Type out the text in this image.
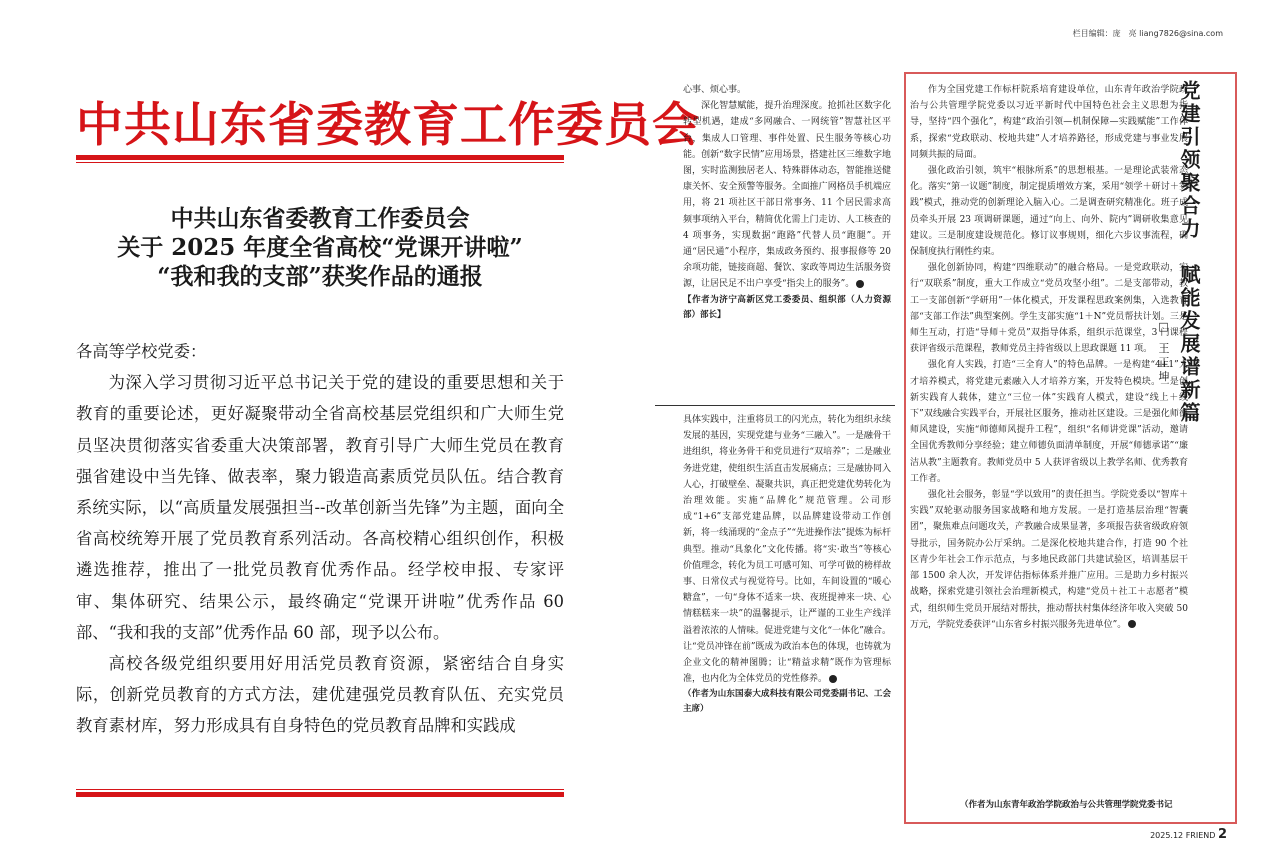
中共山东省委教育工作委员会
中共山东省委教育工作委员会
关于 2025 年度全省高校“党课开讲啦”
“我和我的支部”获奖作品的通报

各高等学校党委：

为深入学习贯彻习近平总书记关于党的建设的重要思想和关于教育的重要论述，更好凝聚带动全省高校基层党组织和广大师生党员坚决贯彻落实省委重大决策部署，教育引导广大师生党员在教育强省建设中当先锋、做表率，聚力锻造高素质党员队伍。结合教育系统实际，以“高质量发展强担当--改革创新当先锋”为主题，面向全省高校统筹开展了党员教育系列活动。各高校精心组织创作，积极遴选推荐，推出了一批党员教育优秀作品。经学校申报、专家评审、集体研究、结果公示，最终确定“党课开讲啦”优秀作品 60 部、“我和我的支部”优秀作品 60 部，现予以公布。

高校各级党组织要用好用活党员教育资源，紧密结合自身实际，创新党员教育的方式方法，建优建强党员教育队伍、充实党员教育素材库，努力形成具有自身特色的党员教育品牌和实践成

栏目编辑：庞　亮 liang7826@sina.com

心事、烦心事。

深化智慧赋能，提升治理深度。抢抓社区数字化转型机遇，建成“多网融合、一网统管”智慧社区平台，集成人口管理、事件处置、民生服务等核心功能。创新“数字民情”应用场景，搭建社区三维数字地图，实时监测独居老人、特殊群体动态，智能推送健康关怀、安全预警等服务。全面推广网格员手机端应用，将 21 项社区干部日常事务、11 个居民需求高频事项纳入平台，精简优化需上门走访、人工核查的 4 项事务，实现数据“跑路”代替人员“跑腿”。开通“居民通”小程序，集成政务预约、报事报修等 20 余项功能，链接商超、餐饮、家政等周边生活服务资源，让居民足不出户享受“指尖上的服务”。

【作者为济宁高新区党工委委员、组织部（人力资源部）部长】

具体实践中，注重将员工的闪光点，转化为组织永续发展的基因，实现党建与业务“三融入”。一是融骨干进组织，将业务骨干和党员进行“双培养”；二是融业务进党建，使组织生活直击发展痛点；三是融协同入人心，打破壁垒、凝聚共识，真正把党建优势转化为治理效能。实施“品牌化”规范管理。公司形成“1+6”支部党建品牌，以品牌建设带动工作创新，将一线涌现的“金点子”“先进操作法”提炼为标杆典型。推动“具象化”文化传播。将“实·敢当”等核心价值理念，转化为员工可感可知、可学可做的榜样故事、日常仪式与视觉符号。比如，车间设置的“暖心糖盒”，一句“身体不适来一块、夜班提神来一块、心情糕糕来一块”的温馨提示，让严谨的工业生产线洋溢着浓浓的人情味。促进党建与文化“一体化”融合。让“党员冲锋在前”既成为政治本色的体现，也铸就为企业文化的精神图腾；让“精益求精”既作为管理标准，也内化为全体党员的党性修养。

（作者为山东国泰大成科技有限公司党委副书记、工会主席）

作为全国党建工作标杆院系培育建设单位，山东青年政治学院政治与公共管理学院党委以习近平新时代中国特色社会主义思想为指导，坚持“四个强化”，构建“政治引领—机制保障—实践赋能”工作体系，探索“党政联动、校地共建”人才培养路径，形成党建与事业发展同频共振的局面。

强化政治引领，筑牢“根脉所系”的思想根基。一是理论武装常态化。落实“第一议题”制度，制定提质增效方案，采用“领学＋研讨＋实践”模式，推动党的创新理论入脑入心。二是调查研究精准化。班子成员牵头开展 23 项调研课题，通过“向上、向外、院内”调研收集意见建议。三是制度建设规范化。修订议事规则，细化六步议事流程，确保制度执行刚性约束。

强化创新协同，构建“四维联动”的融合格局。一是党政联动，实行“双联系”制度，重大工作成立“党员攻坚小组”。二是支部带动，教工一支部创新“学研用”一体化模式，开发课程思政案例集，入选教育部“支部工作法”典型案例。学生支部实施“1＋N”党员帮扶计划。三是师生互动，打造“导师＋党员”双指导体系，组织示范课堂，3 门课程获评省级示范课程，教师党员主持省级以上思政课题 11 项。

强化育人实践，打造“三全育人”的特色品牌。一是构建“4+1”人才培养模式，将党建元素融入人才培养方案，开发特色模块。二是创新实践育人载体，建立“三位一体”实践育人模式，建设“线上＋线下”双线融合实践平台，开展社区服务，推动社区建设。三是强化师德师风建设，实施“师德师风提升工程”，组织“名师讲党课”活动，邀请全国优秀教师分享经验；建立师德负面清单制度，开展“师德承诺”“廉洁从教”主题教育。教师党员中 5 人获评省级以上教学名师、优秀教育工作者。

强化社会服务，彰显“学以致用”的责任担当。学院党委以“智库＋实践”双轮驱动服务国家战略和地方发展。一是打造基层治理“智囊团”，聚焦难点问题攻关，产教融合成果显著，多项报告获省级政府领导批示，国务院办公厅采纳。二是深化校地共建合作，打造 90 个社区青少年社会工作示范点，与多地民政部门共建试验区，培训基层干部 1500 余人次，开发评估指标体系并推广应用。三是助力乡村振兴战略，探索党建引领社会治理新模式，构建“党员＋社工＋志愿者”模式，组织师生党员开展结对帮扶，推动帮扶村集体经济年收入突破 50 万元，学院党委获评“山东省乡村振兴服务先进单位”。

党建引领聚合力　赋能发展谱新篇
□ 王正坤
（作者为山东青年政治学院政治与公共管理学院党委书记
2025.12 FRIEND 2
